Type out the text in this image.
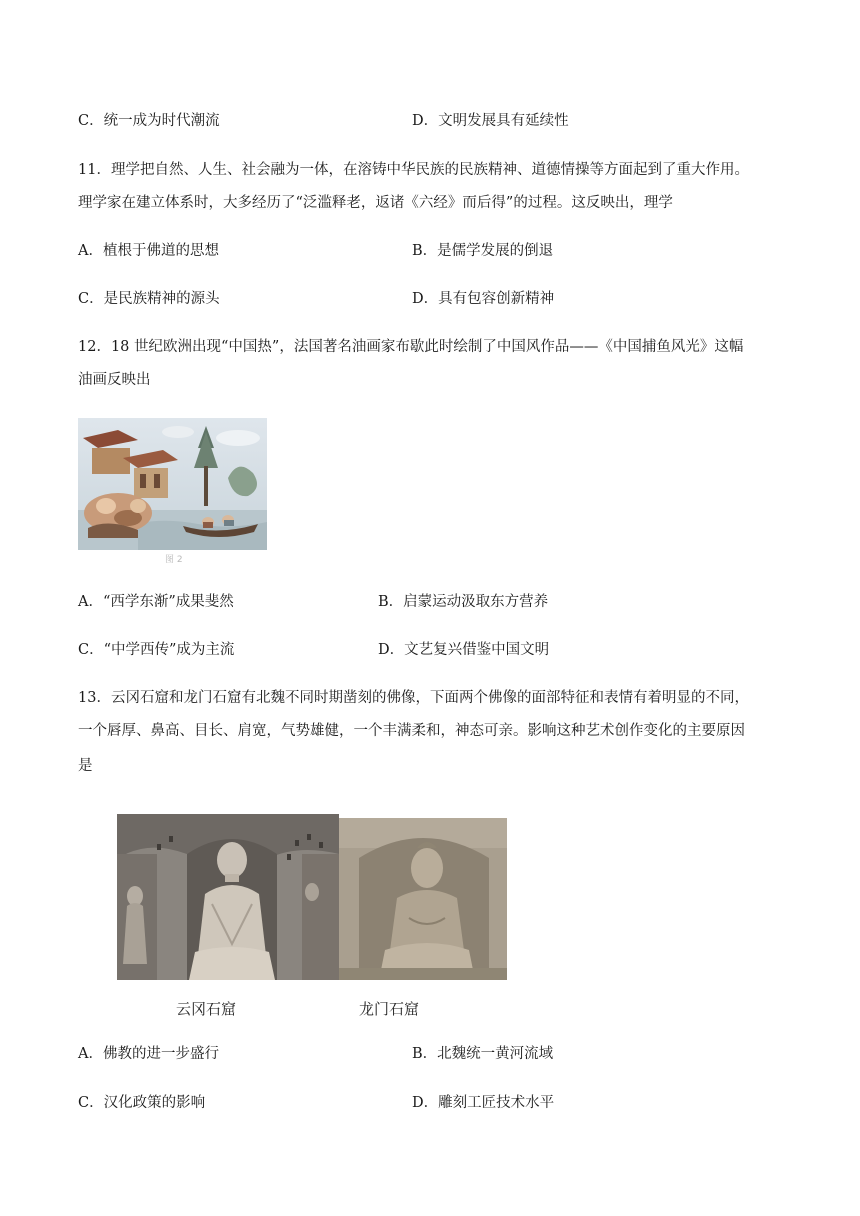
C．统一成为时代潮流	D．文明发展具有延续性
11．理学把自然、人生、社会融为一体，在溶铸中华民族的民族精神、道德情操等方面起到了重大作用。
理学家在建立体系时，大多经历了“泛滥释老，返诸《六经》而后得”的过程。这反映出，理学
A．植根于佛道的思想	B．是儒学发展的倒退
C．是民族精神的源头	D．具有包容创新精神
12．18 世纪欧洲出现“中国热”，法国著名油画家布歇此时绘制了中国风作品——《中国捕鱼风光》这幅
油画反映出
图 2
A．“西学东渐”成果斐然	B．启蒙运动汲取东方营养
C．“中学西传”成为主流	D．文艺复兴借鉴中国文明
13．云冈石窟和龙门石窟有北魏不同时期凿刻的佛像，下面两个佛像的面部特征和表情有着明显的不同，
一个唇厚、鼻高、目长、肩宽，气势雄健，一个丰满柔和，神态可亲。影响这种艺术创作变化的主要原因
是
云冈石窟	龙门石窟
A．佛教的进一步盛行	B．北魏统一黄河流域
C．汉化政策的影响	D．雕刻工匠技术水平
